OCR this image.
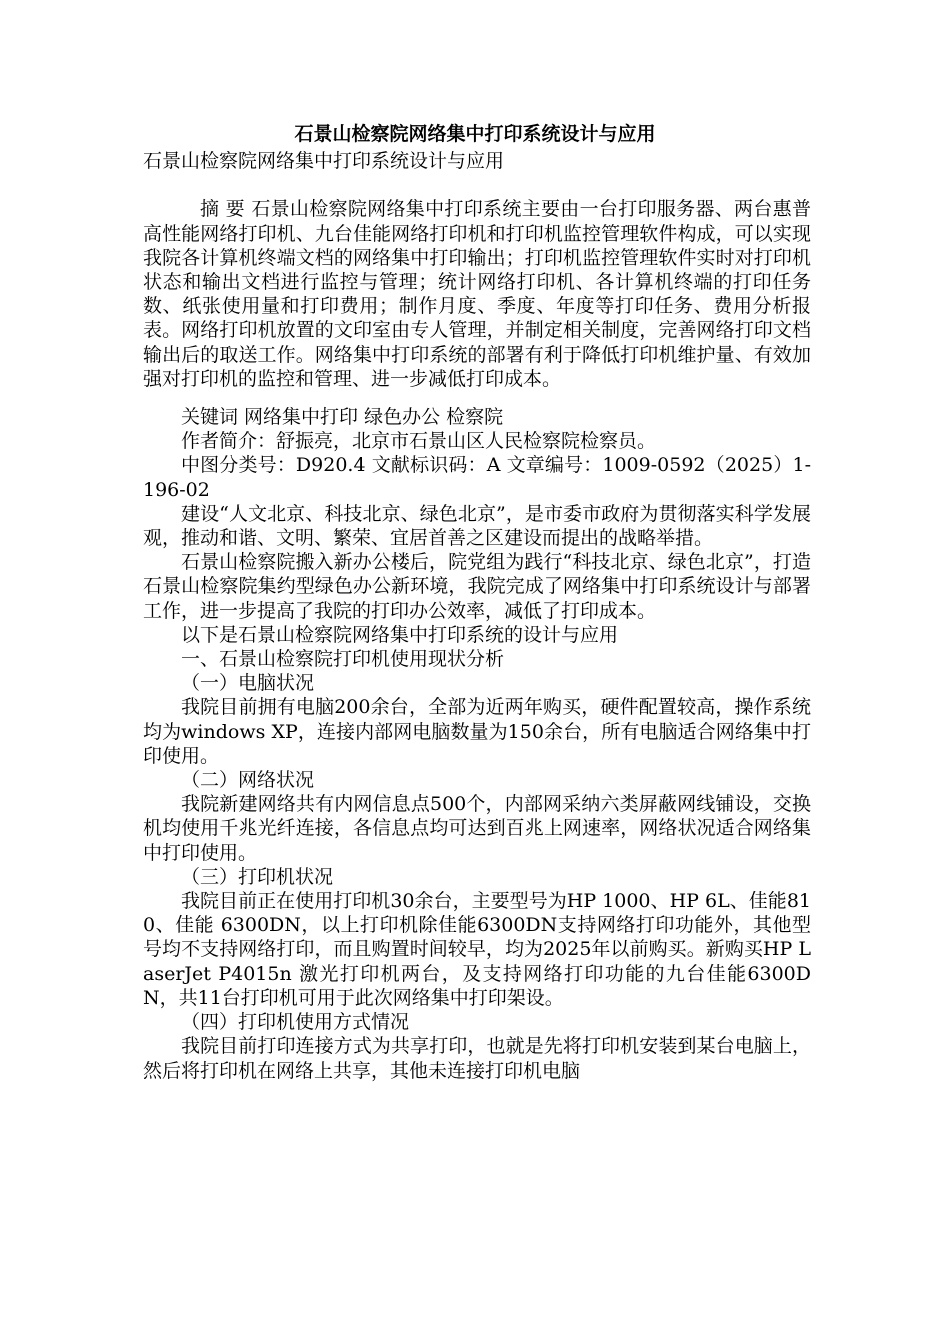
石景山检察院网络集中打印系统设计与应用

石景山检察院网络集中打印系统设计与应用

摘 要 石景山检察院网络集中打印系统主要由一台打印服务器、两台惠普高性能网络打印机、九台佳能网络打印机和打印机监控管理软件构成，可以实现我院各计算机终端文档的网络集中打印输出；打印机监控管理软件实时对打印机状态和输出文档进行监控与管理；统计网络打印机、各计算机终端的打印任务数、纸张使用量和打印费用；制作月度、季度、年度等打印任务、费用分析报表。网络打印机放置的文印室由专人管理，并制定相关制度，完善网络打印文档输出后的取送工作。网络集中打印系统的部署有利于降低打印机维护量、有效加强对打印机的监控和管理、进一步减低打印成本。

关键词 网络集中打印 绿色办公 检察院

作者简介：舒振亮，北京市石景山区人民检察院检察员。

中图分类号：D920.4 文献标识码：A 文章编号：1009-0592（2025）1-196-02

建设“人文北京、科技北京、绿色北京”，是市委市政府为贯彻落实科学发展观，推动和谐、文明、繁荣、宜居首善之区建设而提出的战略举措。

石景山检察院搬入新办公楼后，院党组为践行“科技北京、绿色北京”，打造石景山检察院集约型绿色办公新环境，我院完成了网络集中打印系统设计与部署工作，进一步提高了我院的打印办公效率，减低了打印成本。

以下是石景山检察院网络集中打印系统的设计与应用

一、石景山检察院打印机使用现状分析

（一）电脑状况

我院目前拥有电脑200余台，全部为近两年购买，硬件配置较高，操作系统均为windows XP，连接内部网电脑数量为150余台，所有电脑适合网络集中打印使用。

（二）网络状况

我院新建网络共有内网信息点500个，内部网采纳六类屏蔽网线铺设，交换机均使用千兆光纤连接，各信息点均可达到百兆上网速率，网络状况适合网络集中打印使用。

（三）打印机状况

我院目前正在使用打印机30余台，主要型号为HP 1000、HP 6L、佳能810、佳能 6300DN，以上打印机除佳能6300DN支持网络打印功能外，其他型号均不支持网络打印，而且购置时间较早，均为2025年以前购买。新购买HP LaserJet P4015n 激光打印机两台，及支持网络打印功能的九台佳能6300DN，共11台打印机可用于此次网络集中打印架设。

（四）打印机使用方式情况

我院目前打印连接方式为共享打印，也就是先将打印机安装到某台电脑上，然后将打印机在网络上共享，其他未连接打印机电脑
